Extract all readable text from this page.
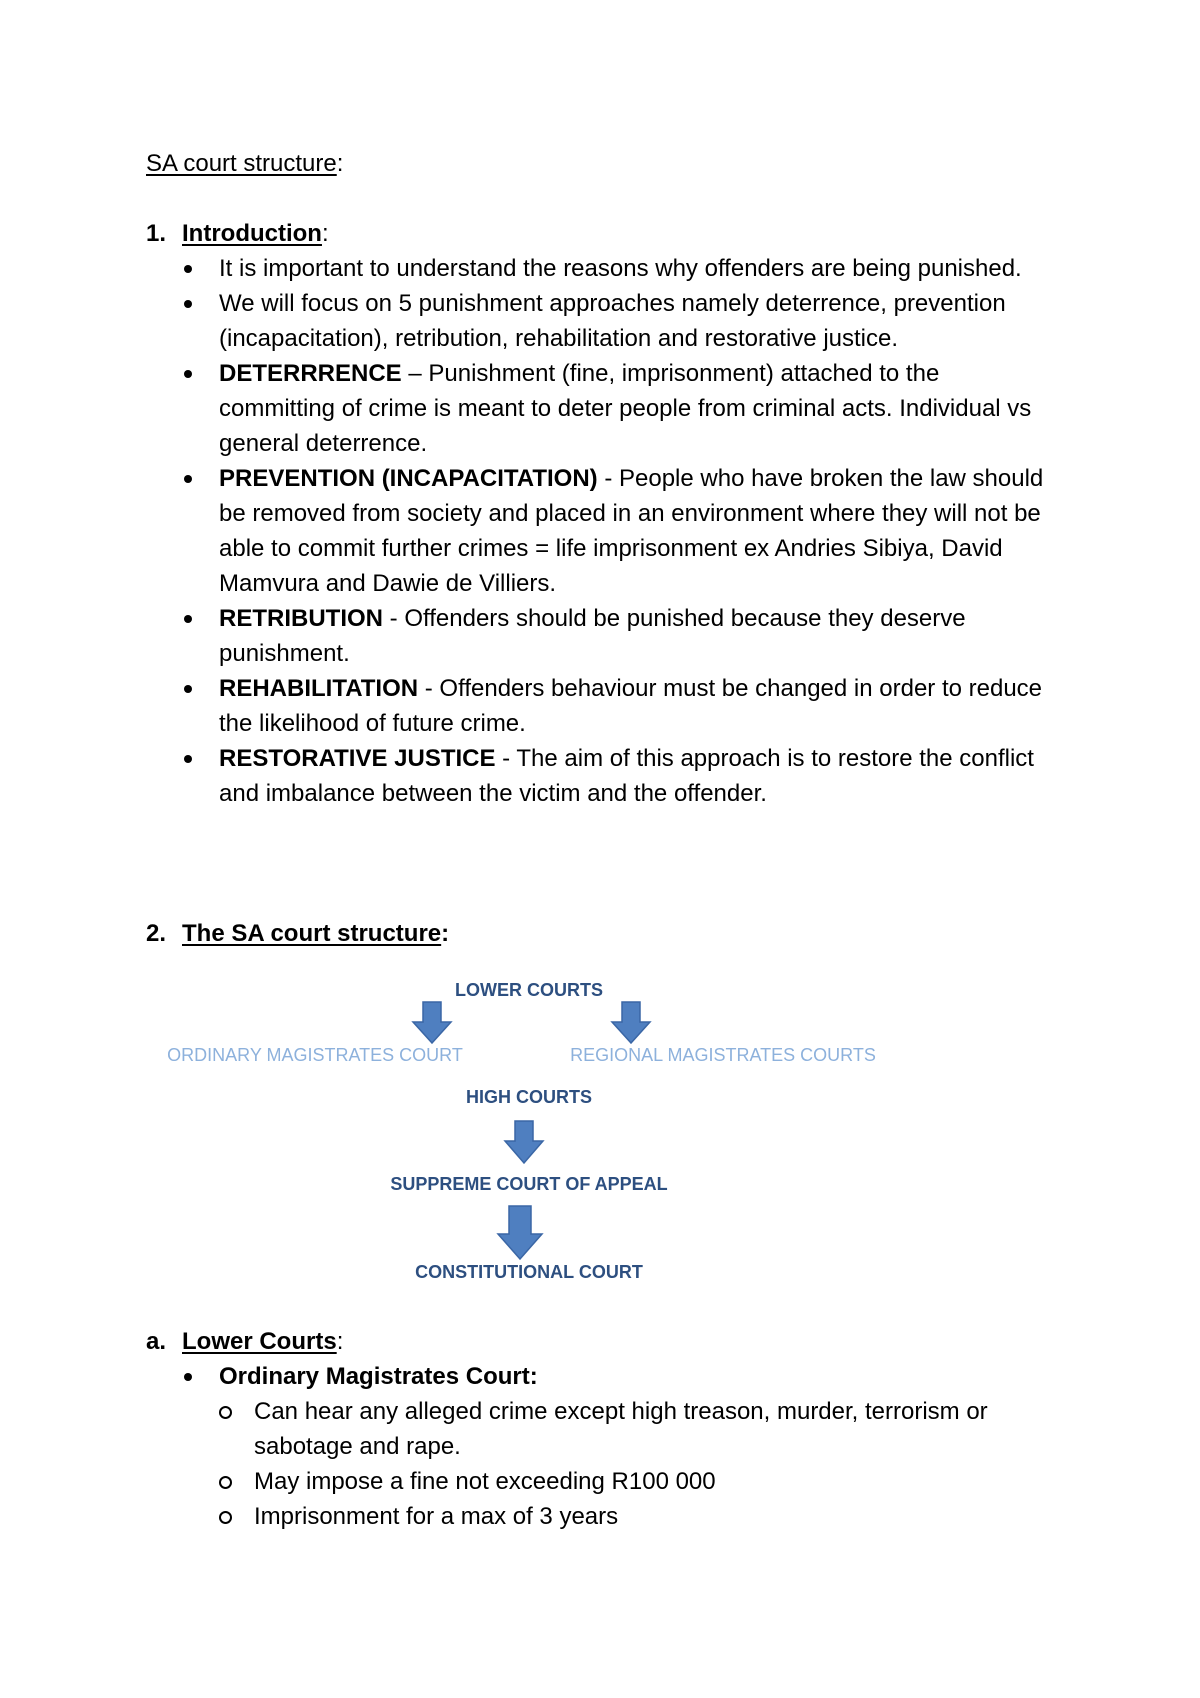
SA court structure:
1. Introduction:
It is important to understand the reasons why offenders are being punished.
We will focus on 5 punishment approaches namely deterrence, prevention (incapacitation), retribution, rehabilitation and restorative justice.
DETERRRENCE – Punishment (fine, imprisonment) attached to the committing of crime is meant to deter people from criminal acts. Individual vs general deterrence.
PREVENTION (INCAPACITATION) - People who have broken the law should be removed from society and placed in an environment where they will not be able to commit further crimes = life imprisonment ex Andries Sibiya, David Mamvura and Dawie de Villiers.
RETRIBUTION - Offenders should be punished because they deserve punishment.
REHABILITATION - Offenders behaviour must be changed in order to reduce the likelihood of future crime.
RESTORATIVE JUSTICE - The aim of this approach is to restore the conflict and imbalance between the victim and the offender.
2. The SA court structure:
LOWER COURTS
ORDINARY MAGISTRATES COURT	REGIONAL MAGISTRATES COURTS
HIGH COURTS
SUPPREME COURT OF APPEAL
CONSTITUTIONAL COURT
a. Lower Courts:
Ordinary Magistrates Court:
Can hear any alleged crime except high treason, murder, terrorism or sabotage and rape.
May impose a fine not exceeding R100 000
Imprisonment for a max of 3 years
